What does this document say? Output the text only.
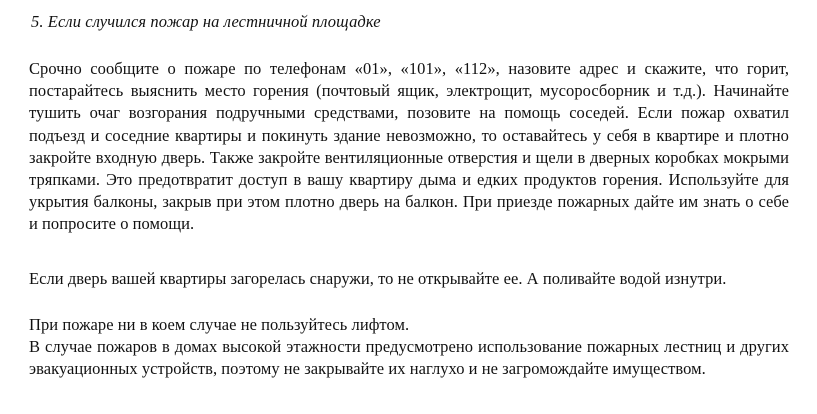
5. Если случился пожар на лестничной площадке

Срочно сообщите о пожаре по телефонам «01», «101», «112», назовите адрес и скажите, что горит, постарайтесь выяснить место горения (почтовый ящик, электрощит, мусоросборник и т.д.). Начинайте тушить очаг возгорания подручными средствами, позовите на помощь соседей. Если пожар охватил подъезд и соседние квартиры и покинуть здание невозможно, то оставайтесь у себя в квартире и плотно закройте входную дверь. Также закройте вентиляционные отверстия и щели в дверных коробках мокрыми тряпками. Это предотвратит доступ в вашу квартиру дыма и едких продуктов горения. Используйте для укрытия балконы, закрыв при этом плотно дверь на балкон. При приезде пожарных дайте им знать о себе и попросите о помощи.

Если дверь вашей квартиры загорелась снаружи, то не открывайте ее. А поливайте водой изнутри.

При пожаре ни в коем случае не пользуйтесь лифтом.

В случае пожаров в домах высокой этажности предусмотрено использование пожарных лестниц и других эвакуационных устройств, поэтому не закрывайте их наглухо и не загромождайте имуществом.
